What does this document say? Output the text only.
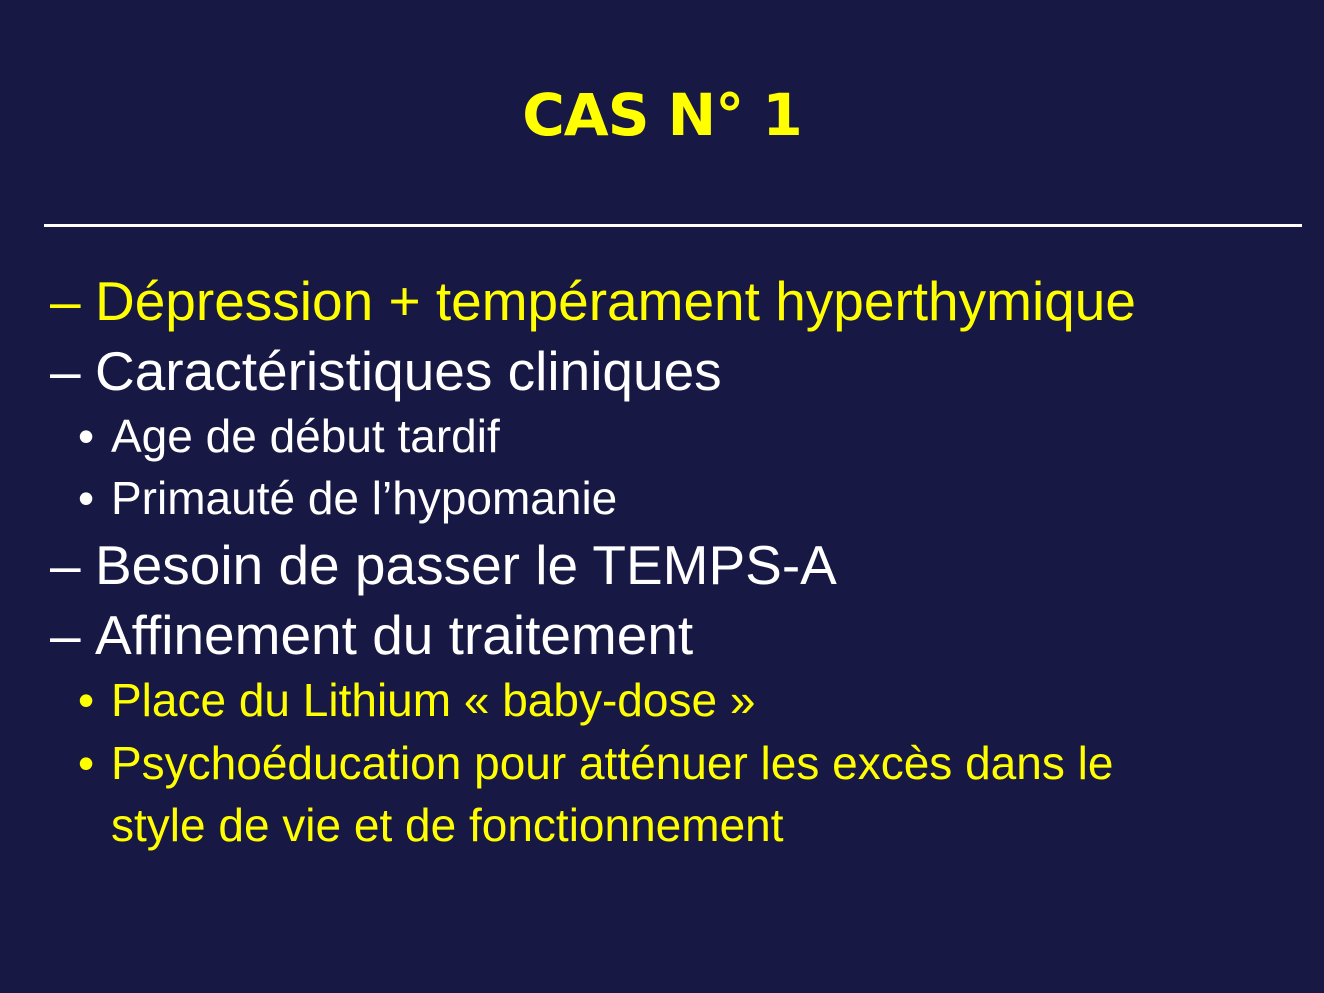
CAS N° 1
– Dépression + tempérament hyperthymique
– Caractéristiques cliniques
• Age de début tardif
• Primauté de l’hypomanie
– Besoin de passer le TEMPS-A
– Affinement du traitement
• Place du Lithium « baby-dose »
• Psychoéducation pour atténuer les excès dans le
style de vie et de fonctionnement
